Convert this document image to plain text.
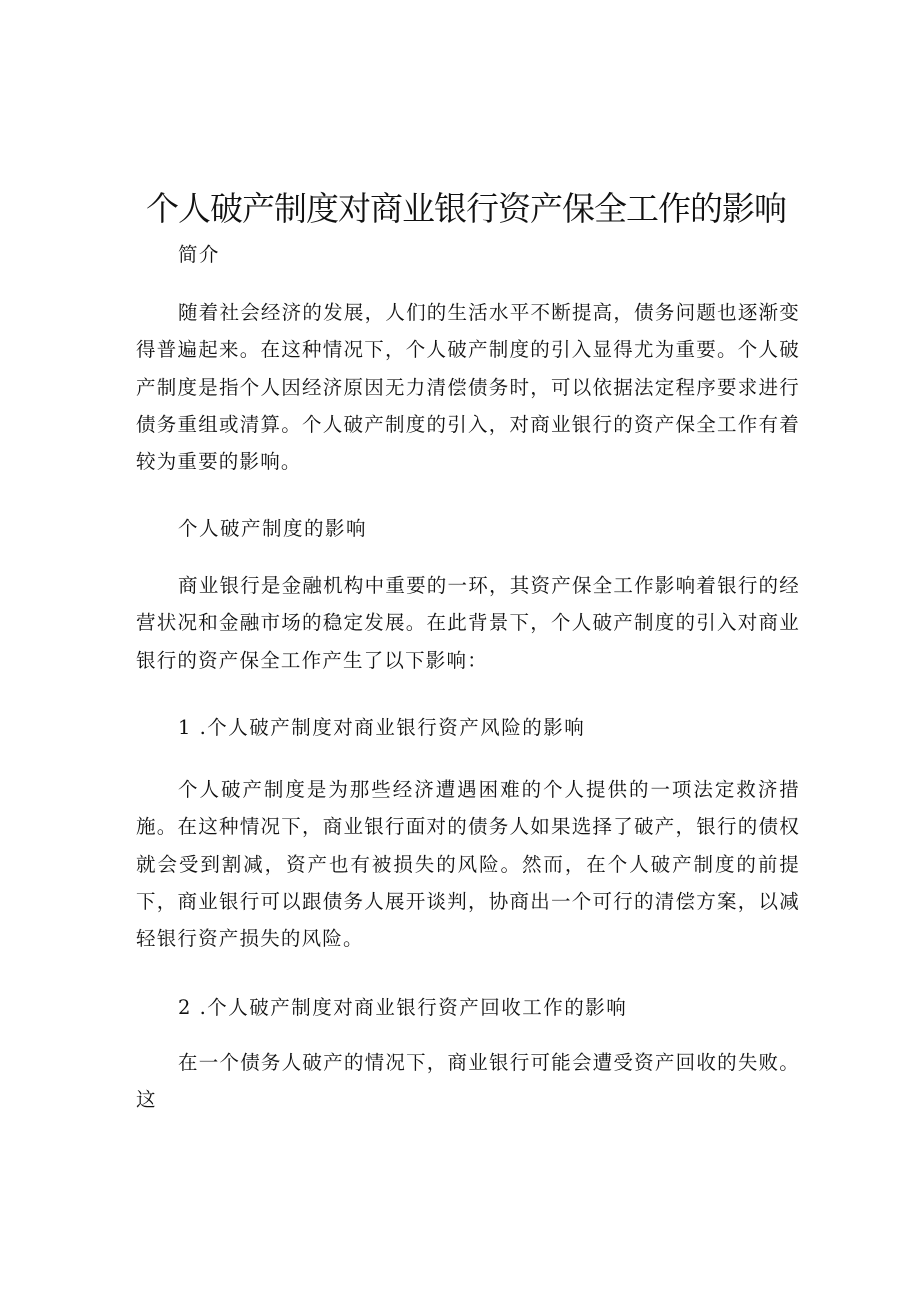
个人破产制度对商业银行资产保全工作的影响
简介
随着社会经济的发展，人们的生活水平不断提高，债务问题也逐渐变得普遍起来。在这种情况下，个人破产制度的引入显得尤为重要。个人破产制度是指个人因经济原因无力清偿债务时，可以依据法定程序要求进行债务重组或清算。个人破产制度的引入，对商业银行的资产保全工作有着较为重要的影响。
个人破产制度的影响
商业银行是金融机构中重要的一环，其资产保全工作影响着银行的经营状况和金融市场的稳定发展。在此背景下，个人破产制度的引入对商业银行的资产保全工作产生了以下影响：
1 .个人破产制度对商业银行资产风险的影响
个人破产制度是为那些经济遭遇困难的个人提供的一项法定救济措施。在这种情况下，商业银行面对的债务人如果选择了破产，银行的债权就会受到割减，资产也有被损失的风险。然而，在个人破产制度的前提下，商业银行可以跟债务人展开谈判，协商出一个可行的清偿方案，以减轻银行资产损失的风险。
2 .个人破产制度对商业银行资产回收工作的影响
在一个债务人破产的情况下，商业银行可能会遭受资产回收的失败。这
